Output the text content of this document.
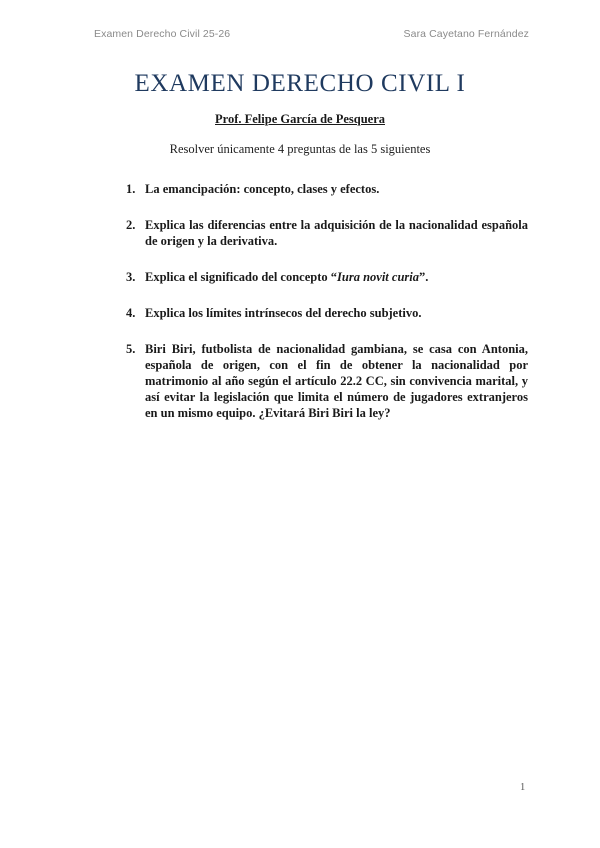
Examen Derecho Civil 25-26	Sara Cayetano Fernández
EXAMEN DERECHO CIVIL I
Prof. Felipe García de Pesquera
Resolver únicamente 4 preguntas de las 5 siguientes
1. La emancipación: concepto, clases y efectos.
2. Explica las diferencias entre la adquisición de la nacionalidad española de origen y la derivativa.
3. Explica el significado del concepto “Iura novit curia”.
4. Explica los límites intrínsecos del derecho subjetivo.
5. Biri Biri, futbolista de nacionalidad gambiana, se casa con Antonia, española de origen, con el fin de obtener la nacionalidad por matrimonio al año según el artículo 22.2 CC, sin convivencia marital, y así evitar la legislación que limita el número de jugadores extranjeros en un mismo equipo. ¿Evitará Biri Biri la ley?
1
